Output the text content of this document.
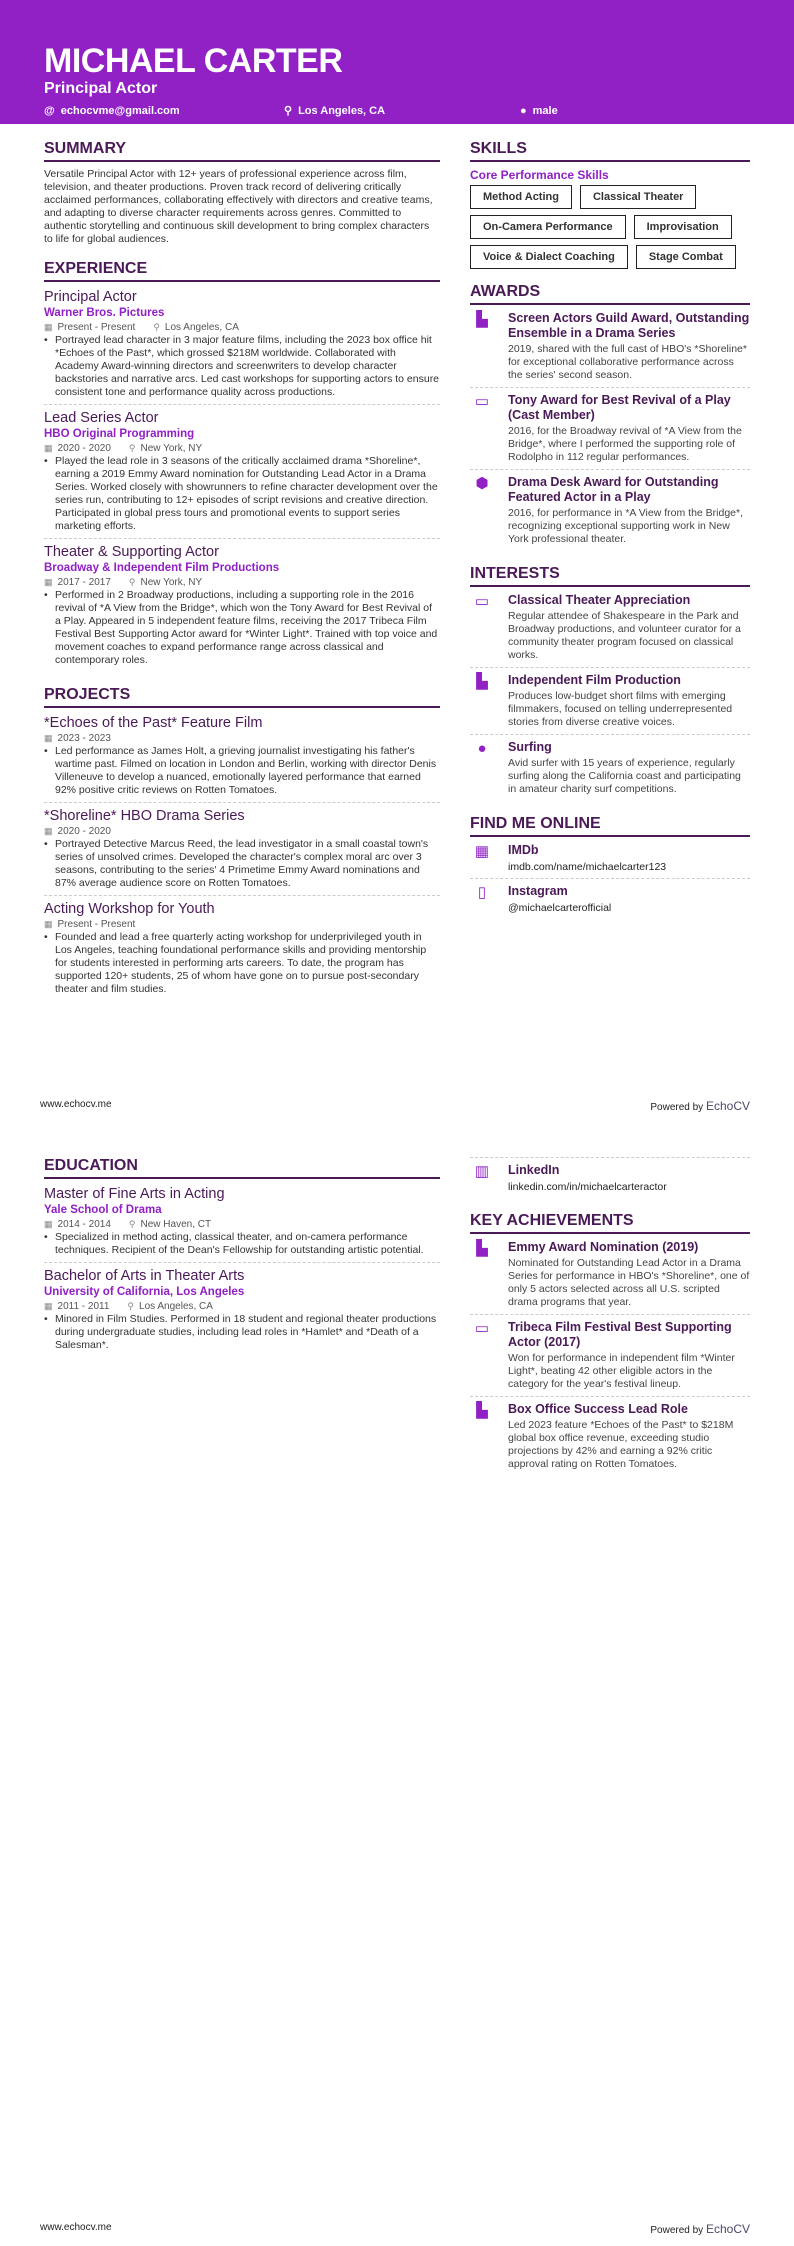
MICHAEL CARTER
Principal Actor
@ echocvme@gmail.com	⚲ Los Angeles, CA	● male
SUMMARY

Versatile Principal Actor with 12+ years of professional experience across film, television, and theater productions. Proven track record of delivering critically acclaimed performances, collaborating effectively with directors and creative teams, and adapting to diverse character requirements across genres. Committed to authentic storytelling and continuous skill development to bring complex characters to life for global audiences.

EXPERIENCE
Principal Actor
Warner Bros. Pictures
▦ Present - Present ⚲ Los Angeles, CA
• Portrayed lead character in 3 major feature films, including the 2023 box office hit *Echoes of the Past*, which grossed $218M worldwide. Collaborated with Academy Award-winning directors and screenwriters to develop character backstories and narrative arcs. Led cast workshops for supporting actors to ensure consistent tone and performance quality across productions.
Lead Series Actor
HBO Original Programming
▦ 2020 - 2020 ⚲ New York, NY
• Played the lead role in 3 seasons of the critically acclaimed drama *Shoreline*, earning a 2019 Emmy Award nomination for Outstanding Lead Actor in a Drama Series. Worked closely with showrunners to refine character development over the series run, contributing to 12+ episodes of script revisions and creative direction. Participated in global press tours and promotional events to support series marketing efforts.
Theater & Supporting Actor
Broadway & Independent Film Productions
▦ 2017 - 2017 ⚲ New York, NY
• Performed in 2 Broadway productions, including a supporting role in the 2016 revival of *A View from the Bridge*, which won the Tony Award for Best Revival of a Play. Appeared in 5 independent feature films, receiving the 2017 Tribeca Film Festival Best Supporting Actor award for *Winter Light*. Trained with top voice and movement coaches to expand performance range across classical and contemporary roles.
PROJECTS
*Echoes of the Past* Feature Film
▦ 2023 - 2023
• Led performance as James Holt, a grieving journalist investigating his father's wartime past. Filmed on location in London and Berlin, working with director Denis Villeneuve to develop a nuanced, emotionally layered performance that earned 92% positive critic reviews on Rotten Tomatoes.
*Shoreline* HBO Drama Series
▦ 2020 - 2020
• Portrayed Detective Marcus Reed, the lead investigator in a small coastal town's series of unsolved crimes. Developed the character's complex moral arc over 3 seasons, contributing to the series' 4 Primetime Emmy Award nominations and 87% average audience score on Rotten Tomatoes.
Acting Workshop for Youth
▦ Present - Present
• Founded and lead a free quarterly acting workshop for underprivileged youth in Los Angeles, teaching foundational performance skills and providing mentorship for students interested in performing arts careers. To date, the program has supported 120+ students, 25 of whom have gone on to pursue post-secondary theater and film studies.
SKILLS
Core Performance Skills
Method Acting	Classical Theater
On-Camera Performance	Improvisation
Voice & Dialect Coaching	Stage Combat
AWARDS
▙	Screen Actors Guild Award, Outstanding Ensemble in a Drama Series
2019, shared with the full cast of HBO's *Shoreline* for exceptional collaborative performance across the series' second season.
▭	Tony Award for Best Revival of a Play (Cast Member)
2016, for the Broadway revival of *A View from the Bridge*, where I performed the supporting role of Rodolpho in 112 regular performances.
⬢	Drama Desk Award for Outstanding Featured Actor in a Play
2016, for performance in *A View from the Bridge*, recognizing exceptional supporting work in New York professional theater.
INTERESTS
▭	Classical Theater Appreciation
Regular attendee of Shakespeare in the Park and Broadway productions, and volunteer curator for a community theater program focused on classical works.
▙	Independent Film Production
Produces low-budget short films with emerging filmmakers, focused on telling underrepresented stories from diverse creative voices.
●	Surfing
Avid surfer with 15 years of experience, regularly surfing along the California coast and participating in amateur charity surf competitions.
FIND ME ONLINE
▦	IMDb
imdb.com/name/michaelcarter123
▯	Instagram
@michaelcarterofficial
www.echocv.me	Powered by EchoCV
EDUCATION
Master of Fine Arts in Acting
Yale School of Drama
▦ 2014 - 2014 ⚲ New Haven, CT
• Specialized in method acting, classical theater, and on-camera performance techniques. Recipient of the Dean's Fellowship for outstanding artistic potential.
Bachelor of Arts in Theater Arts
University of California, Los Angeles
▦ 2011 - 2011 ⚲ Los Angeles, CA
• Minored in Film Studies. Performed in 18 student and regional theater productions during undergraduate studies, including lead roles in *Hamlet* and *Death of a Salesman*.
▥	LinkedIn
linkedin.com/in/michaelcarteractor
KEY ACHIEVEMENTS
▙	Emmy Award Nomination (2019)
Nominated for Outstanding Lead Actor in a Drama Series for performance in HBO's *Shoreline*, one of only 5 actors selected across all U.S. scripted drama programs that year.
▭	Tribeca Film Festival Best Supporting Actor (2017)
Won for performance in independent film *Winter Light*, beating 42 other eligible actors in the category for the year's festival lineup.
▙	Box Office Success Lead Role
Led 2023 feature *Echoes of the Past* to $218M global box office revenue, exceeding studio projections by 42% and earning a 92% critic approval rating on Rotten Tomatoes.
www.echocv.me	Powered by EchoCV
